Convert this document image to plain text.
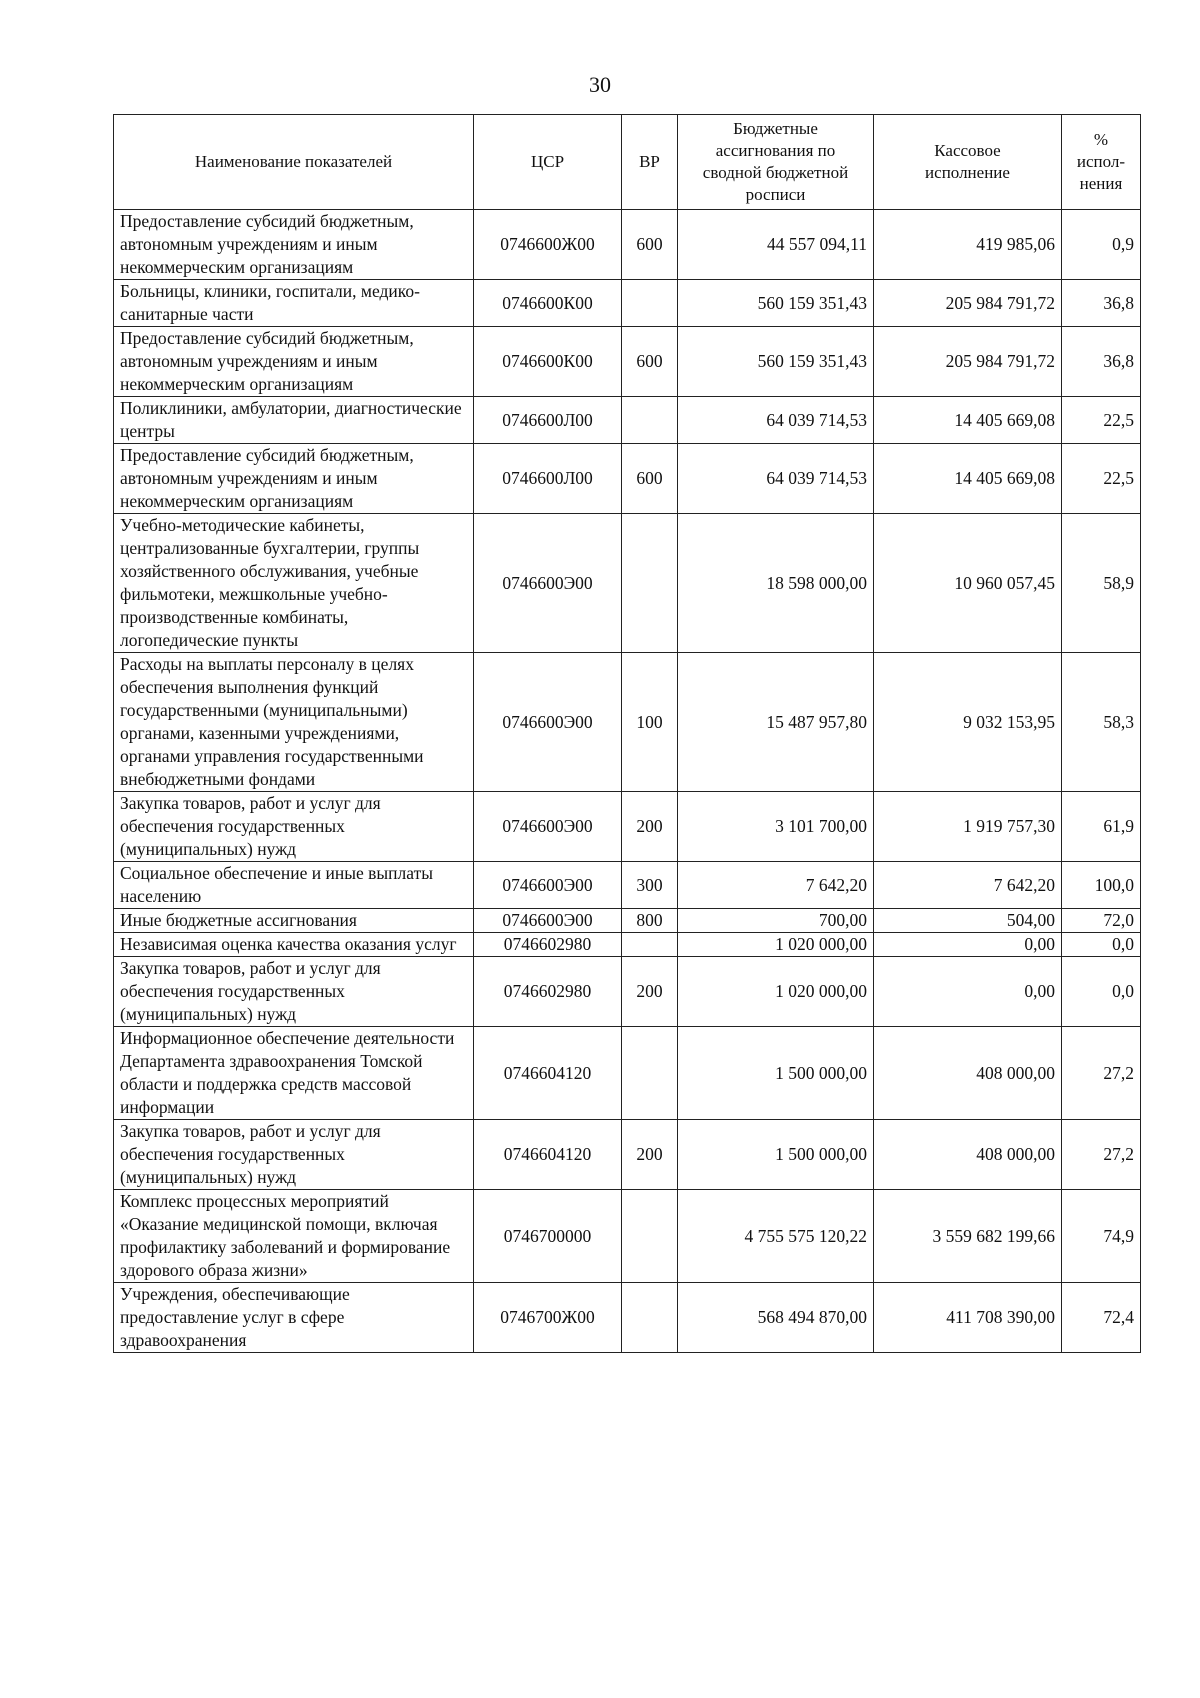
30
Наименование показателей	ЦСР	ВР	Бюджетные ассигнования по сводной бюджетной росписи	Кассовое исполнение	% испол-нения
Предоставление субсидий бюджетным, автономным учреждениям и иным некоммерческим организациям	0746600Ж00	600	44 557 094,11	419 985,06	0,9
Больницы, клиники, госпитали, медико-санитарные части	0746600К00		560 159 351,43	205 984 791,72	36,8
Предоставление субсидий бюджетным, автономным учреждениям и иным некоммерческим организациям	0746600К00	600	560 159 351,43	205 984 791,72	36,8
Поликлиники, амбулатории, диагностические центры	0746600Л00		64 039 714,53	14 405 669,08	22,5
Предоставление субсидий бюджетным, автономным учреждениям и иным некоммерческим организациям	0746600Л00	600	64 039 714,53	14 405 669,08	22,5
Учебно-методические кабинеты, централизованные бухгалтерии, группы хозяйственного обслуживания, учебные фильмотеки, межшкольные учебно-производственные комбинаты, логопедические пункты	0746600Э00		18 598 000,00	10 960 057,45	58,9
Расходы на выплаты персоналу в целях обеспечения выполнения функций государственными (муниципальными) органами, казенными учреждениями, органами управления государственными внебюджетными фондами	0746600Э00	100	15 487 957,80	9 032 153,95	58,3
Закупка товаров, работ и услуг для обеспечения государственных (муниципальных) нужд	0746600Э00	200	3 101 700,00	1 919 757,30	61,9
Социальное обеспечение и иные выплаты населению	0746600Э00	300	7 642,20	7 642,20	100,0
Иные бюджетные ассигнования	0746600Э00	800	700,00	504,00	72,0
Независимая оценка качества оказания услуг	0746602980		1 020 000,00	0,00	0,0
Закупка товаров, работ и услуг для обеспечения государственных (муниципальных) нужд	0746602980	200	1 020 000,00	0,00	0,0
Информационное обеспечение деятельности Департамента здравоохранения Томской области и поддержка средств массовой информации	0746604120		1 500 000,00	408 000,00	27,2
Закупка товаров, работ и услуг для обеспечения государственных (муниципальных) нужд	0746604120	200	1 500 000,00	408 000,00	27,2
Комплекс процессных мероприятий «Оказание медицинской помощи, включая профилактику заболеваний и формирование здорового образа жизни»	0746700000		4 755 575 120,22	3 559 682 199,66	74,9
Учреждения, обеспечивающие предоставление услуг в сфере здравоохранения	0746700Ж00		568 494 870,00	411 708 390,00	72,4
